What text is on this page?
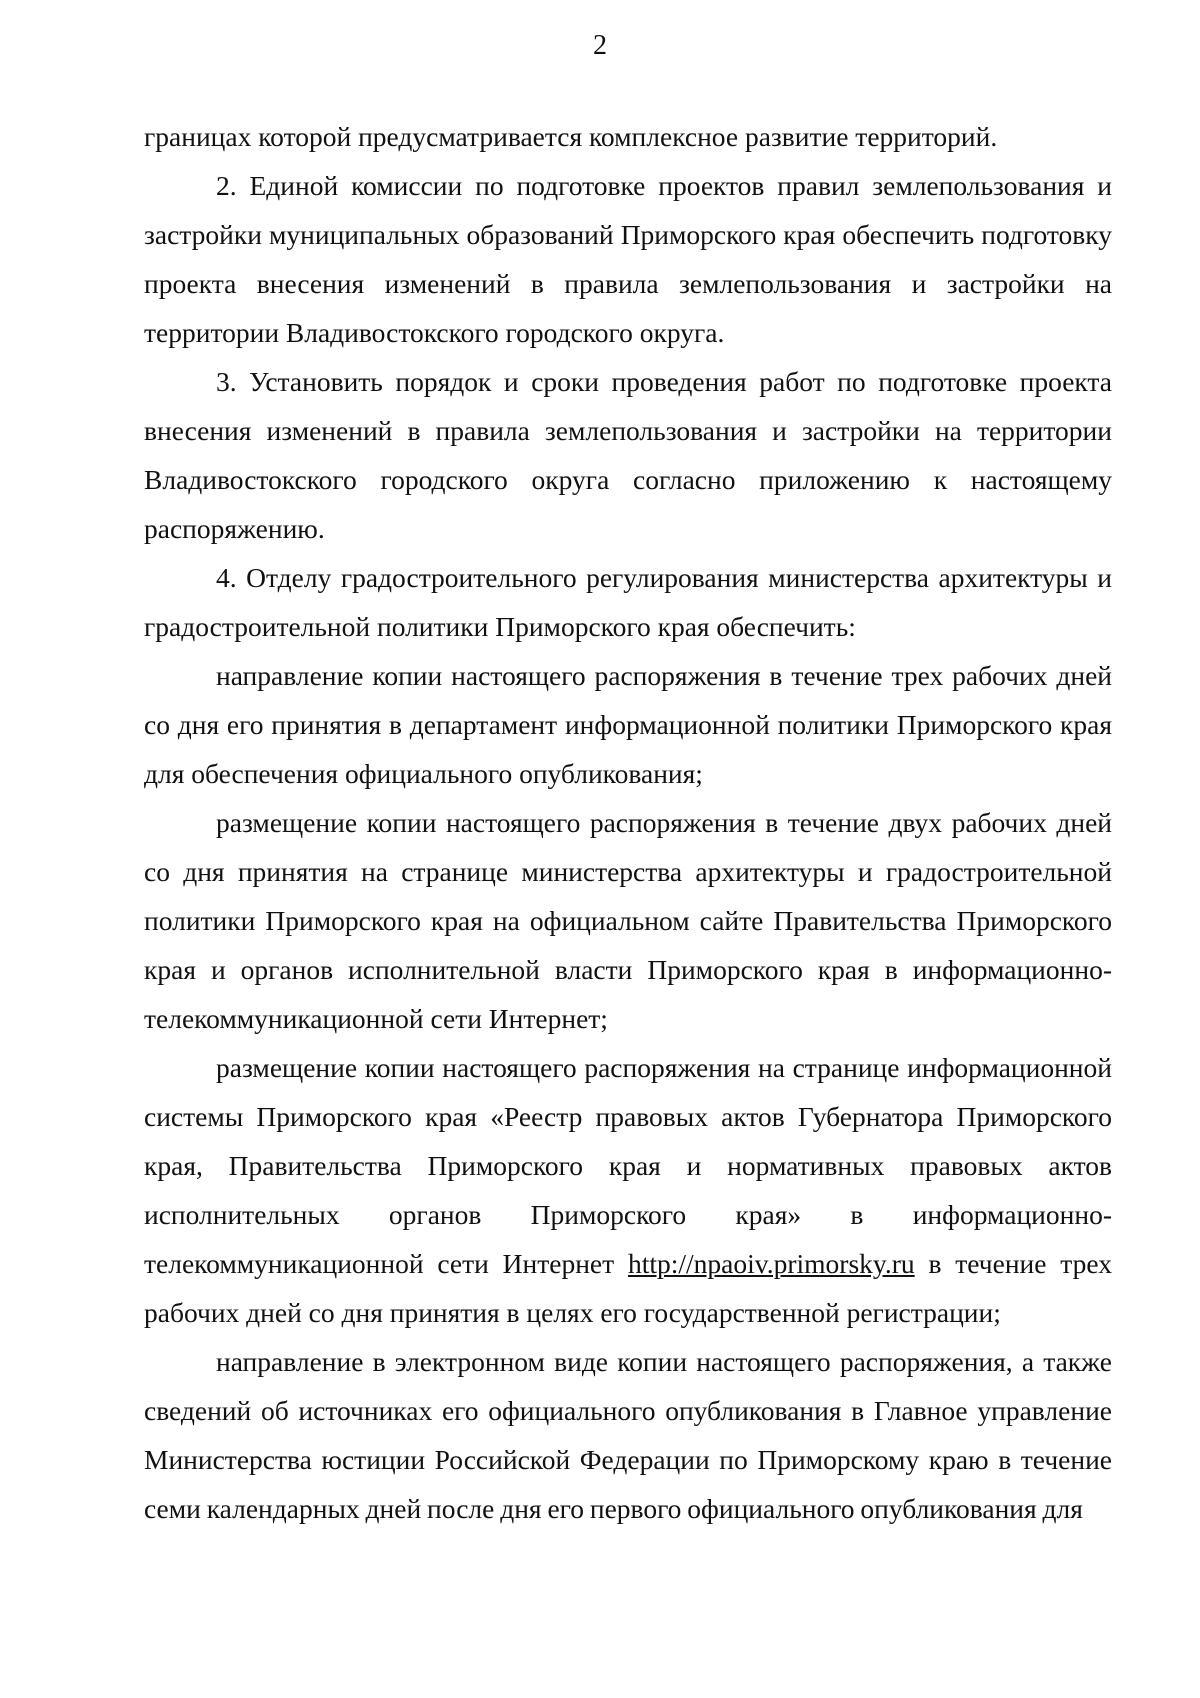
2

границах которой предусматривается комплексное развитие территорий.

2. Единой комиссии по подготовке проектов правил землепользования и застройки муниципальных образований Приморского края обеспечить подготовку проекта внесения изменений в правила землепользования и застройки на территории Владивостокского городского округа.

3. Установить порядок и сроки проведения работ по подготовке проекта внесения изменений в правила землепользования и застройки на территории Владивостокского городского округа согласно приложению к настоящему распоряжению.

4. Отделу градостроительного регулирования министерства архитектуры и градостроительной политики Приморского края обеспечить:

направление копии настоящего распоряжения в течение трех рабочих дней со дня его принятия в департамент информационной политики Приморского края для обеспечения официального опубликования;

размещение копии настоящего распоряжения в течение двух рабочих дней со дня принятия на странице министерства архитектуры и градостроительной политики Приморского края на официальном сайте Правительства Приморского края и органов исполнительной власти Приморского края в информационно-телекоммуникационной сети Интернет;

размещение копии настоящего распоряжения на странице информационной системы Приморского края «Реестр правовых актов Губернатора Приморского края, Правительства Приморского края и нормативных правовых актов исполнительных органов Приморского края» в информационно-телекоммуникационной сети Интернет http://npaoiv.primorsky.ru в течение трех рабочих дней со дня принятия в целях его государственной регистрации;

направление в электронном виде копии настоящего распоряжения, а также сведений об источниках его официального опубликования в Главное управление Министерства юстиции Российской Федерации по Приморскому краю в течение семи календарных дней после дня его первого официального опубликования для
